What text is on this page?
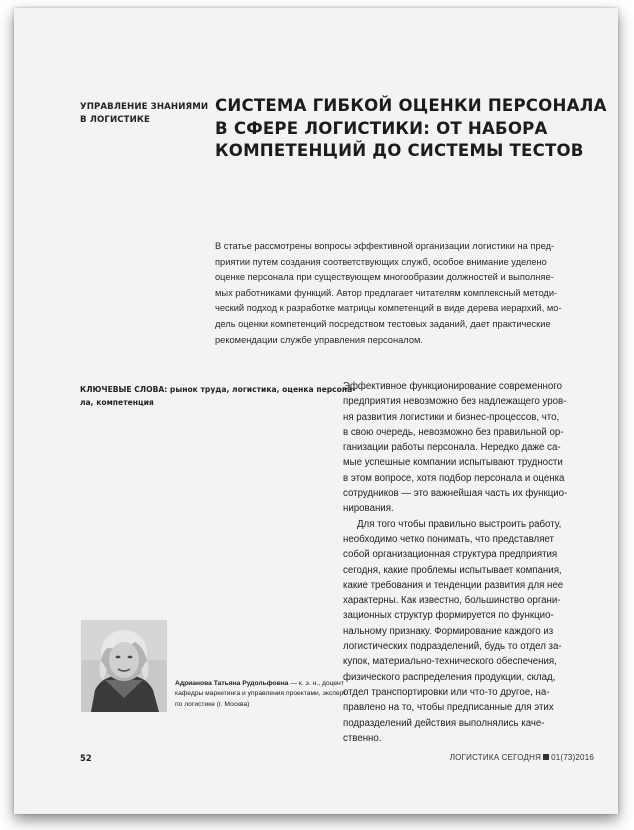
УПРАВЛЕНИЕ ЗНАНИЯМИ
В ЛОГИСТИКЕ
СИСТЕМА ГИБКОЙ ОЦЕНКИ ПЕРСОНАЛА
В СФЕРЕ ЛОГИСТИКИ: ОТ НАБОРА
КОМПЕТЕНЦИЙ ДО СИСТЕМЫ ТЕСТОВ
В статье рассмотрены вопросы эффективной организации логистики на пред-
приятии путем создания соответствующих служб, особое внимание уделено
оценке персонала при существующем многообразии должностей и выполняе-
мых работниками функций. Автор предлагает читателям комплексный методи-
ческий подход к разработке матрицы компетенций в виде дерева иерархий, мо-
дель оценки компетенций посредством тестовых заданий, дает практические
рекомендации службе управления персоналом.
КЛЮЧЕВЫЕ СЛОВА: рынок труда, логистика, оценка персона-
ла, компетенция
Эффективное функционирование современного
предприятия невозможно без надлежащего уров-
ня развития логистики и бизнес-процессов, что,
в свою очередь, невозможно без правильной ор-
ганизации работы персонала. Нередко даже са-
мые успешные компании испытывают трудности
в этом вопросе, хотя подбор персонала и оценка
сотрудников — это важнейшая часть их функцио-
нирования.
Для того чтобы правильно выстроить работу,
необходимо четко понимать, что представляет
собой организационная структура предприятия
сегодня, какие проблемы испытывает компания,
какие требования и тенденции развития для нее
характерны. Как известно, большинство органи-
зационных структур формируется по функцио-
нальному признаку. Формирование каждого из
логистических подразделений, будь то отдел за-
купок, материально-технического обеспечения,
физического распределения продукции, склад,
отдел транспортировки или что-то другое, на-
правлено на то, чтобы предписанные для этих
подразделений действия выполнялись каче-
ственно.
Адрианова Татьяна Рудольфовна — к. э. н., доцент
кафедры маркетинга и управления проектами, эксперт
по логистике (г. Москва)
52	ЛОГИСТИКА СЕГОДНЯ 01(73)2016
